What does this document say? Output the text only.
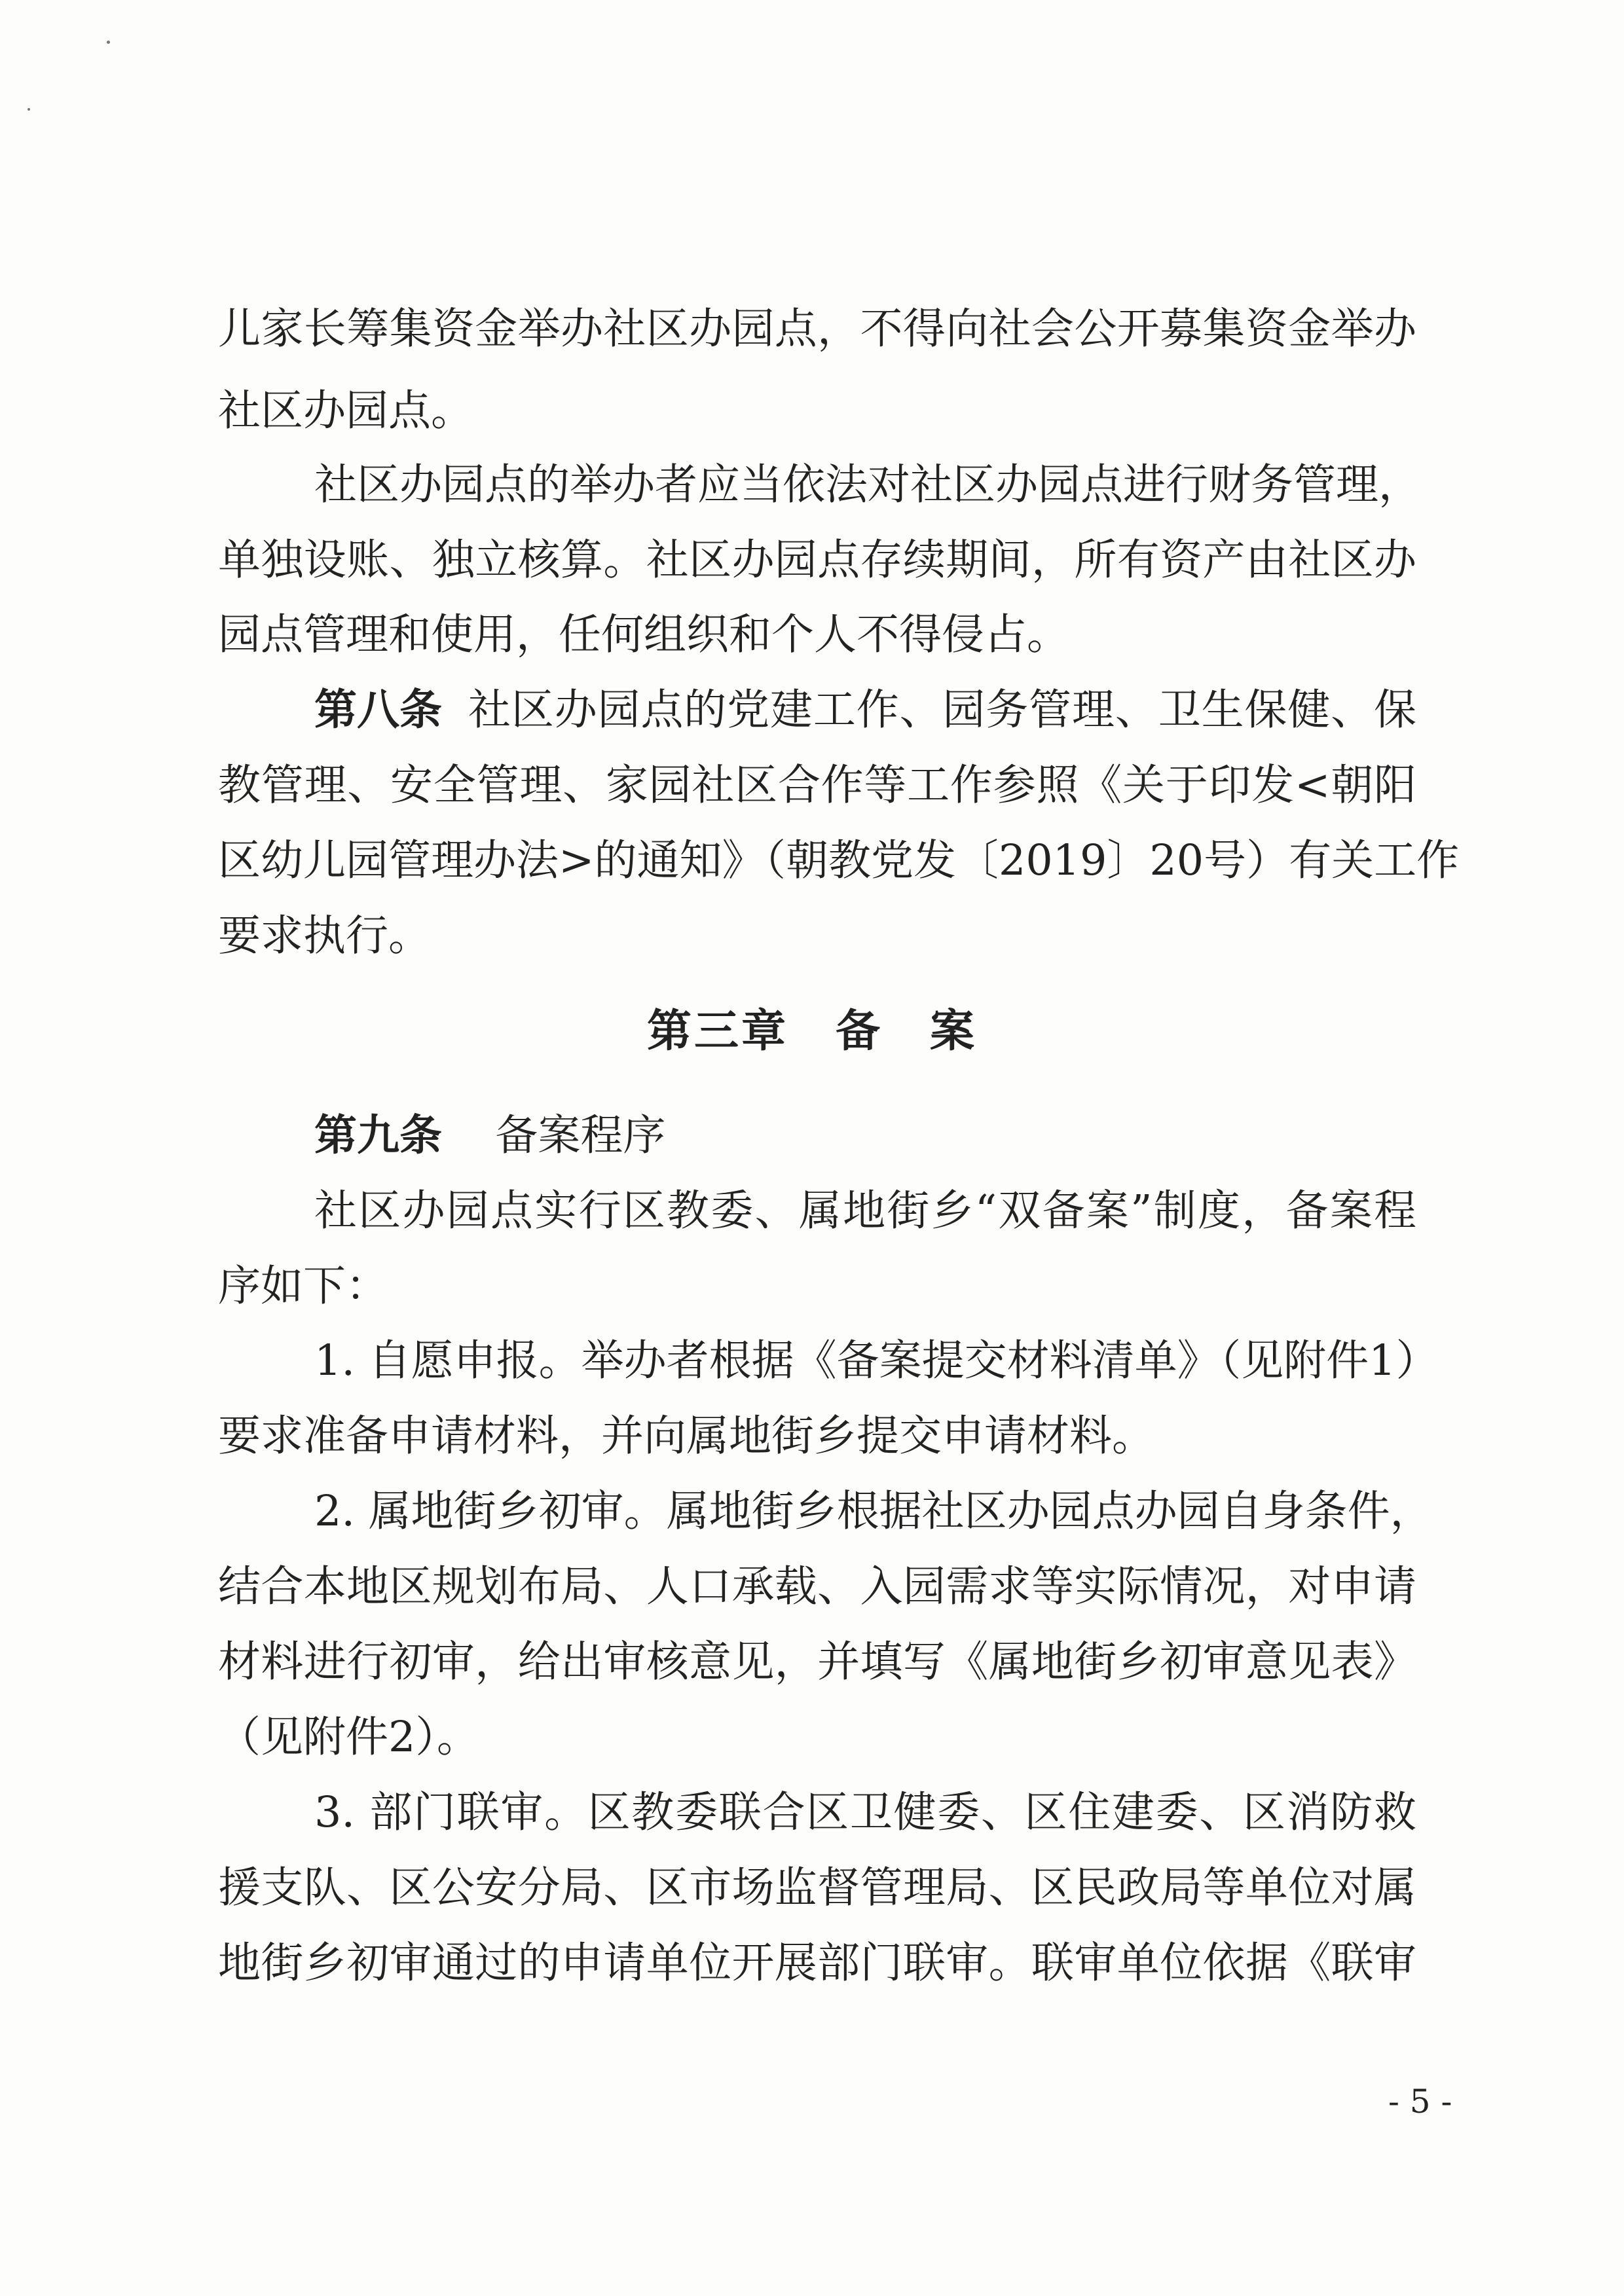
儿家长筹集资金举办社区办园点，不得向社会公开募集资金举办
社区办园点。
社区办园点的举办者应当依法对社区办园点进行财务管理，
单独设账、独立核算。社区办园点存续期间，所有资产由社区办
园点管理和使用，任何组织和个人不得侵占。
第八条 社区办园点的党建工作、园务管理、卫生保健、保
教管理、安全管理、家园社区合作等工作参照《关于印发<朝阳
区幼儿园管理办法>的通知》（朝教党发〔2019〕20号）有关工作
要求执行。
第三章　备　案
第九条 备案程序
社区办园点实行区教委、属地街乡“双备案”制度，备案程
序如下：
1. 自愿申报。举办者根据《备案提交材料清单》（见附件1）
要求准备申请材料，并向属地街乡提交申请材料。
2. 属地街乡初审。属地街乡根据社区办园点办园自身条件，
结合本地区规划布局、人口承载、入园需求等实际情况，对申请
材料进行初审，给出审核意见，并填写《属地街乡初审意见表》
（见附件2）。
3. 部门联审。区教委联合区卫健委、区住建委、区消防救
援支队、区公安分局、区市场监督管理局、区民政局等单位对属
地街乡初审通过的申请单位开展部门联审。联审单位依据《联审
- 5 -
